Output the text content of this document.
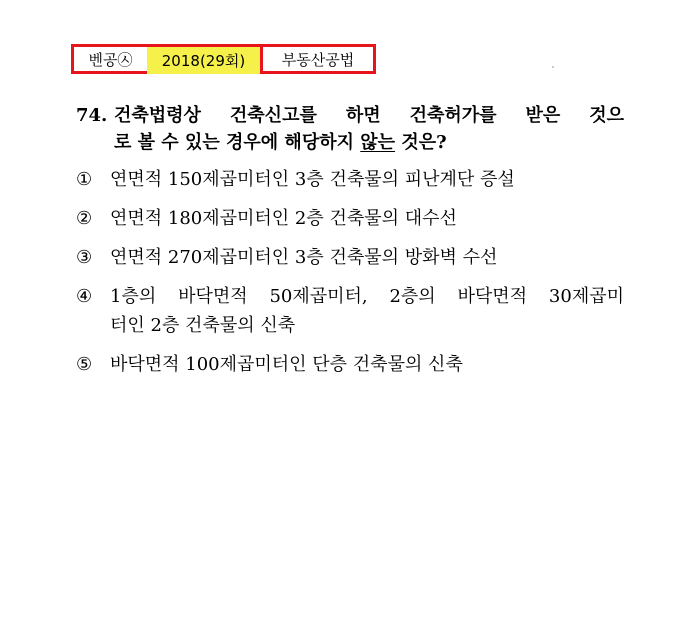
벤공㉦	2018(29회)	부동산공법
74. 건축법령상 건축신고를 하면 건축허가를 받은 것으
로 볼 수 있는 경우에 해당하지 않는 것은?
① 연면적 150제곱미터인 3층 건축물의 피난계단 증설
② 연면적 180제곱미터인 2층 건축물의 대수선
③ 연면적 270제곱미터인 3층 건축물의 방화벽 수선
④ 1층의 바닥면적 50제곱미터, 2층의 바닥면적 30제곱미
터인 2층 건축물의 신축
⑤ 바닥면적 100제곱미터인 단층 건축물의 신축
